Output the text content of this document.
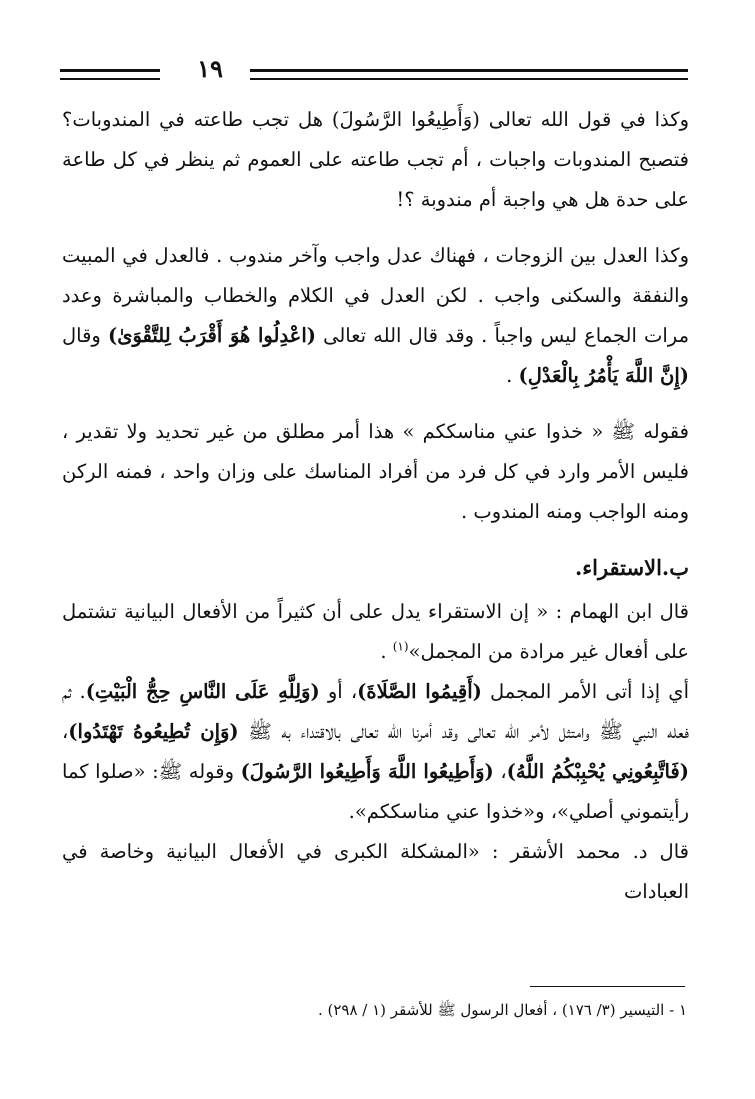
١٩

وكذا في قول الله تعالى (وَأَطِيعُوا الرَّسُولَ) هل تجب طاعته في المندوبات؟ فتصبح المندوبات واجبات ، أم تجب طاعته على العموم ثم ينظر في كل طاعة على حدة هل هي واجبة أم مندوبة ؟!

وكذا العدل بين الزوجات ، فهناك عدل واجب وآخر مندوب . فالعدل في المبيت والنفقة والسكنى واجب . لكن العدل في الكلام والخطاب والمباشرة وعدد مرات الجماع ليس واجباً . وقد قال الله تعالى (اعْدِلُوا هُوَ أَقْرَبُ لِلتَّقْوَىٰ) وقال (إِنَّ اللَّهَ يَأْمُرُ بِالْعَدْلِ) .

فقوله ﷺ « خذوا عني مناسككم » هذا أمر مطلق من غير تحديد ولا تقدير ، فليس الأمر وارد في كل فرد من أفراد المناسك على وزان واحد ، فمنه الركن ومنه الواجب ومنه المندوب .

ب.الاستقراء.

قال ابن الهمام : « إن الاستقراء يدل على أن كثيراً من الأفعال البيانية تشتمل على أفعال غير مرادة من المجمل»$^{(١)}$ .

أي إذا أتى الأمر المجمل (أَقِيمُوا الصَّلَاةَ)، أو (وَلِلَّهِ عَلَى النَّاسِ حِجُّ الْبَيْتِ). ثم فعله النبي ﷺ وامتثل لأمر الله تعالى وقد أمرنا الله تعالى بالاقتداء به ﷺ (وَإِن تُطِيعُوهُ تَهْتَدُوا)، (فَاتَّبِعُونِي يُحْبِبْكُمُ اللَّهُ)، (وَأَطِيعُوا اللَّهَ وَأَطِيعُوا الرَّسُولَ) وقوله ﷺ: «صلوا كما رأيتموني أصلي»، و«خذوا عني مناسككم».

قال د. محمد الأشقر : «المشكلة الكبرى في الأفعال البيانية وخاصة في العبادات

١ - التيسير (٣/ ١٧٦) ، أفعال الرسول ﷺ للأشقر (١ / ٢٩٨) .
